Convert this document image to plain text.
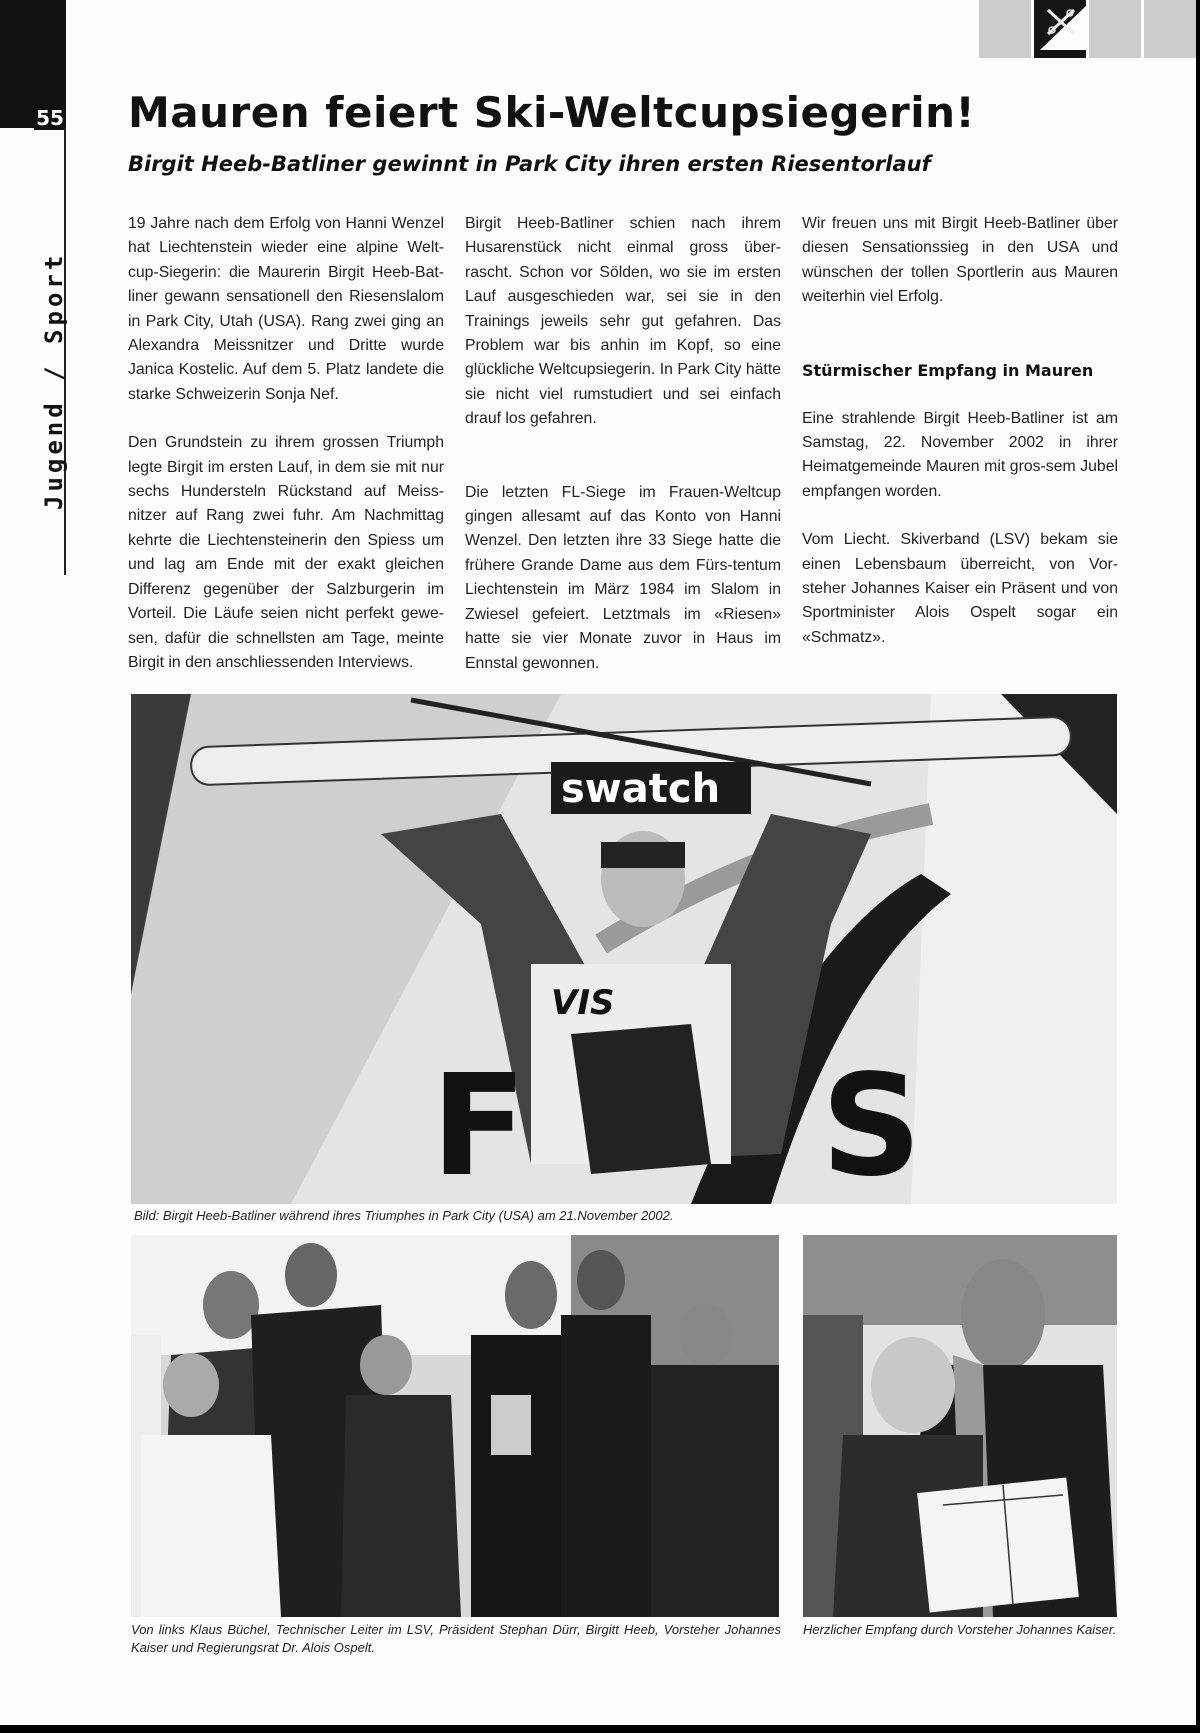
55
Jugend / Sport
Mauren feiert Ski-Weltcupsiegerin!
Birgit Heeb-Batliner gewinnt in Park City ihren ersten Riesentorlauf

19 Jahre nach dem Erfolg von Hanni Wenzel hat Liechtenstein wieder eine alpine Welt-cup-Siegerin: die Maurerin Birgit Heeb-Bat-liner gewann sensationell den Riesenslalom in Park City, Utah (USA). Rang zwei ging an Alexandra Meissnitzer und Dritte wurde Janica Kostelic. Auf dem 5. Platz landete die starke Schweizerin Sonja Nef.

Den Grundstein zu ihrem grossen Triumph legte Birgit im ersten Lauf, in dem sie mit nur sechs Hundersteln Rückstand auf Meiss-nitzer auf Rang zwei fuhr. Am Nachmittag kehrte die Liechtensteinerin den Spiess um und lag am Ende mit der exakt gleichen Differenz gegenüber der Salzburgerin im Vorteil. Die Läufe seien nicht perfekt gewe-sen, dafür die schnellsten am Tage, meinte Birgit in den anschliessenden Interviews.

Birgit Heeb-Batliner schien nach ihrem Husarenstück nicht einmal gross über-rascht. Schon vor Sölden, wo sie im ersten Lauf ausgeschieden war, sei sie in den Trainings jeweils sehr gut gefahren. Das Problem war bis anhin im Kopf, so eine glückliche Weltcupsiegerin. In Park City hätte sie nicht viel rumstudiert und sei einfach drauf los gefahren.

Die letzten FL-Siege im Frauen-Weltcup gingen allesamt auf das Konto von Hanni Wenzel. Den letzten ihre 33 Siege hatte die frühere Grande Dame aus dem Fürs-tentum Liechtenstein im März 1984 im Slalom in Zwiesel gefeiert. Letztmals im «Riesen» hatte sie vier Monate zuvor in Haus im Ennstal gewonnen.

Wir freuen uns mit Birgit Heeb-Batliner über diesen Sensationssieg in den USA und wünschen der tollen Sportlerin aus Mauren weiterhin viel Erfolg.

Stürmischer Empfang in Mauren

Eine strahlende Birgit Heeb-Batliner ist am Samstag, 22. November 2002 in ihrer Heimatgemeinde Mauren mit gros-sem Jubel empfangen worden.

Vom Liecht. Skiverband (LSV) bekam sie einen Lebensbaum überreicht, von Vor-steher Johannes Kaiser ein Präsent und von Sportminister Alois Ospelt sogar ein «Schmatz».

swatch
VIS
F S
Bild: Birgit Heeb-Batliner während ihres Triumphes in Park City (USA) am 21.November 2002.
Von links Klaus Büchel, Technischer Leiter im LSV, Präsident Stephan Dürr, Birgitt Heeb, Vorsteher Johannes Kaiser und Regierungsrat Dr. Alois Ospelt.
Herzlicher Empfang durch Vorsteher Johannes Kaiser.
